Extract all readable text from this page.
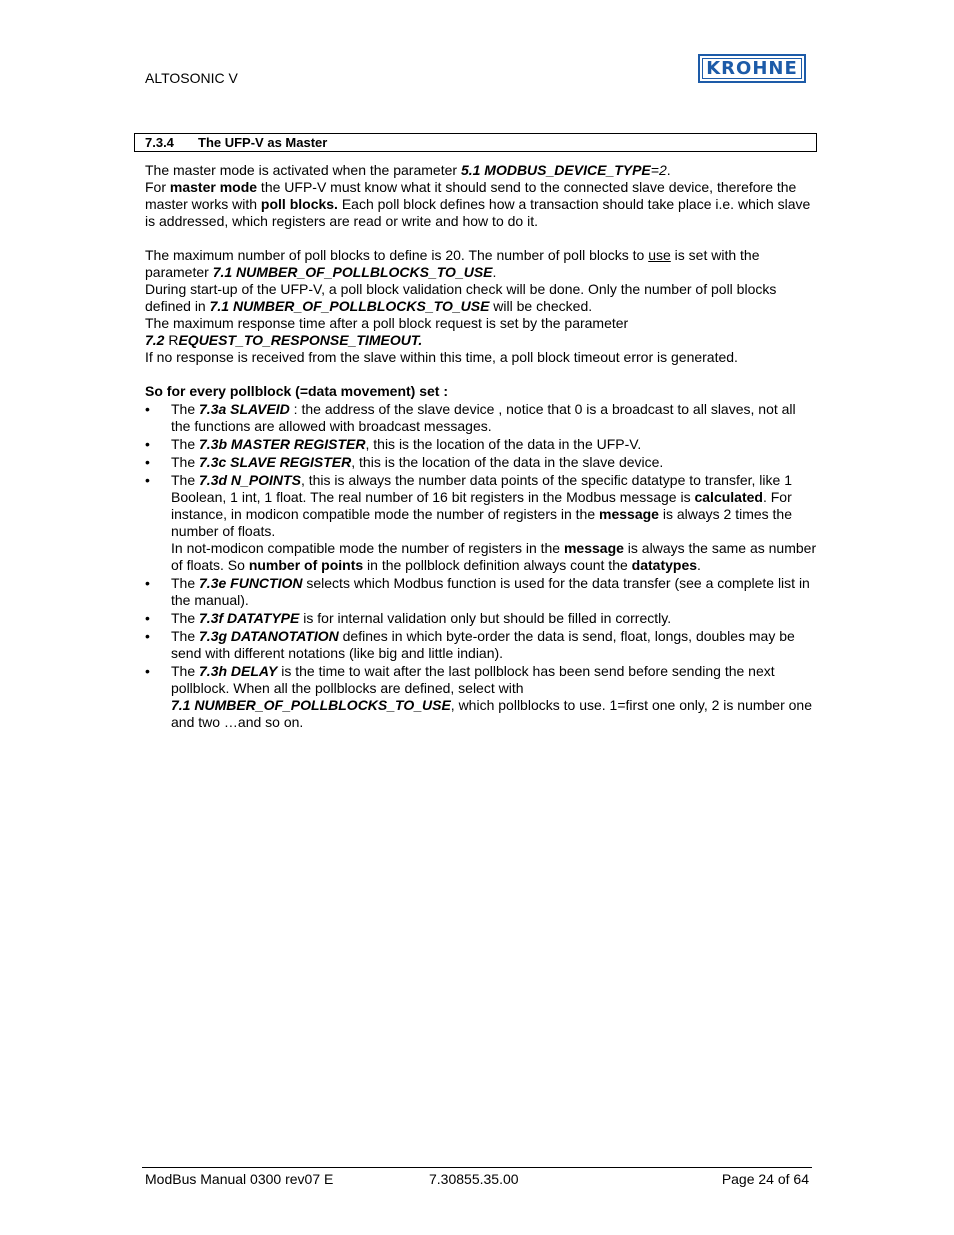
ALTOSONIC V	KROHNE
7.3.4 The UFP-V as Master

The master mode is activated when the parameter 5.1 MODBUS_DEVICE_TYPE=2.

For master mode the UFP-V must know what it should send to the connected slave device, therefore the master works with poll blocks. Each poll block defines how a transaction should take place i.e. which slave is addressed, which registers are read or write and how to do it.

The maximum number of poll blocks to define is 20. The number of poll blocks to use is set with the parameter 7.1 NUMBER_OF_POLLBLOCKS_TO_USE.

During start-up of the UFP-V, a poll block validation check will be done. Only the number of poll blocks defined in 7.1 NUMBER_OF_POLLBLOCKS_TO_USE will be checked.

The maximum response time after a poll block request is set by the parameter

7.2 REQUEST_TO_RESPONSE_TIMEOUT.

If no response is received from the slave within this time, a poll block timeout error is generated.

So for every pollblock (=data movement) set :

• The 7.3a SLAVEID : the address of the slave device , notice that 0 is a broadcast to all slaves, not all the functions are allowed with broadcast messages.
• The 7.3b MASTER REGISTER, this is the location of the data in the UFP-V.
• The 7.3c SLAVE REGISTER, this is the location of the data in the slave device.
• The 7.3d N_POINTS, this is always the number data points of the specific datatype to transfer, like 1 Boolean, 1 int, 1 float. The real number of 16 bit registers in the Modbus message is calculated. For instance, in modicon compatible mode the number of registers in the message is always 2 times the number of floats.
In not-modicon compatible mode the number of registers in the message is always the same as number of floats. So number of points in the pollblock definition always count the datatypes.
• The 7.3e FUNCTION selects which Modbus function is used for the data transfer (see a complete list in the manual).
• The 7.3f DATATYPE is for internal validation only but should be filled in correctly.
• The 7.3g DATANOTATION defines in which byte-order the data is send, float, longs, doubles may be send with different notations (like big and little indian).
• The 7.3h DELAY is the time to wait after the last pollblock has been send before sending the next pollblock. When all the pollblocks are defined, select with
7.1 NUMBER_OF_POLLBLOCKS_TO_USE, which pollblocks to use. 1=first one only, 2 is number one and two …and so on.
ModBus Manual 0300 rev07 E	7.30855.35.00	Page 24 of 64
